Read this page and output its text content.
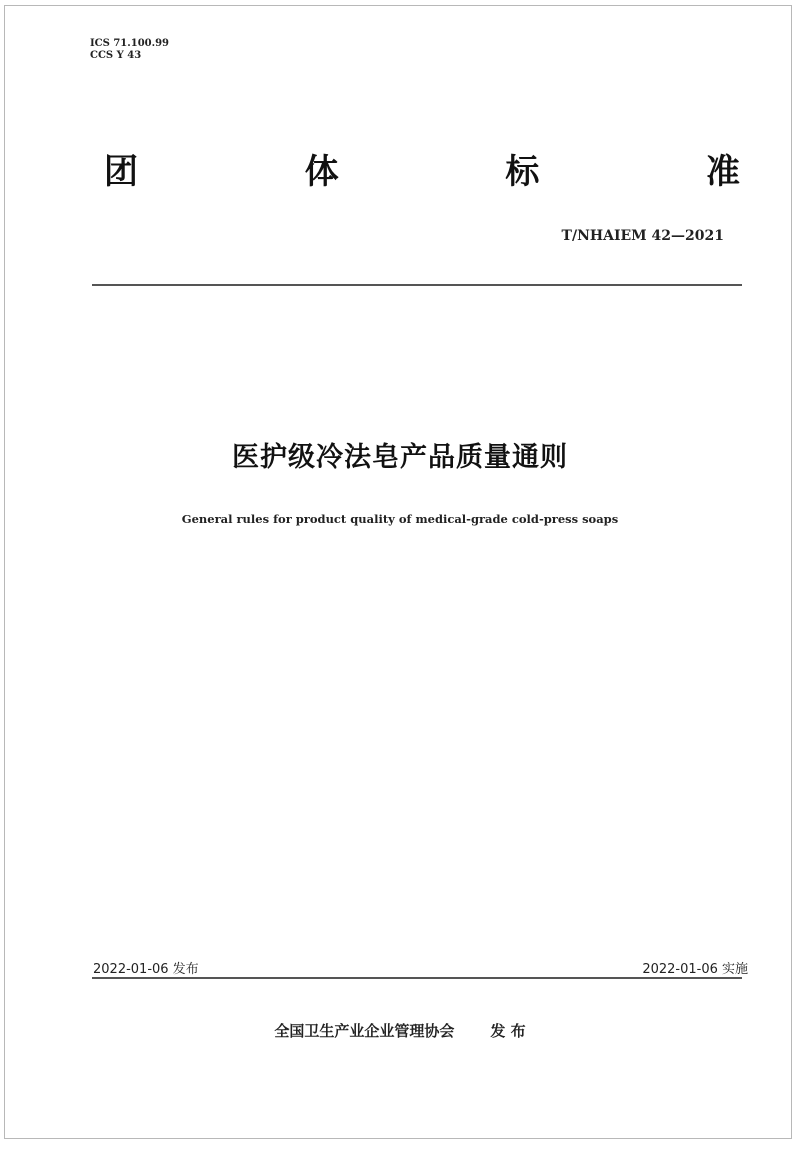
ICS 71.100.99
CCS Y 43
团	体	标	准
T/NHAIEM 42—2021
医护级冷法皂产品质量通则
General rules for product quality of medical-grade cold-press soaps
2022-01-06 发布	2022-01-06 实施
全国卫生产业企业管理协会 发 布
